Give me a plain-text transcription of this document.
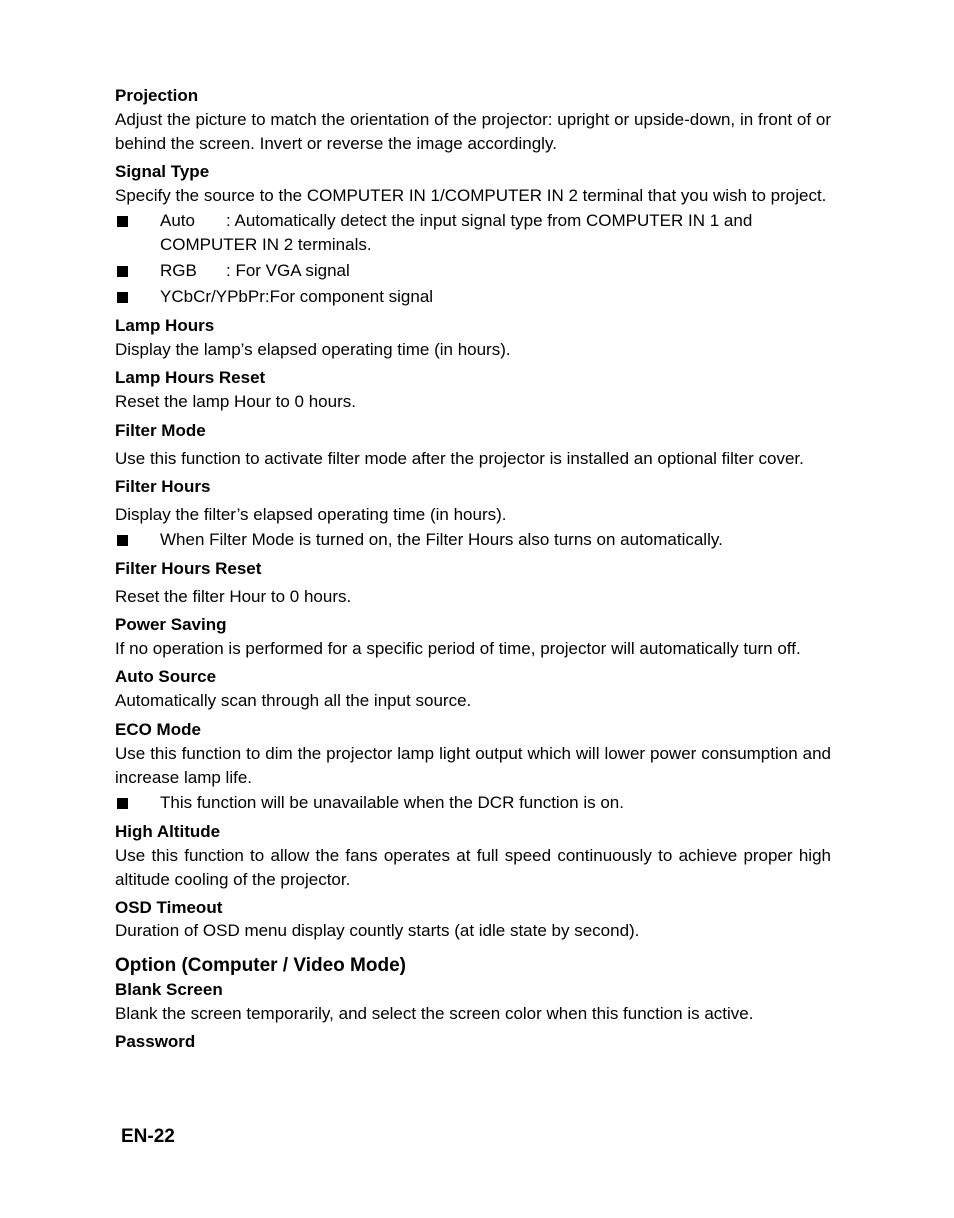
Projection

Adjust the picture to match the orientation of the projector: upright or upside-down, in front of or behind the screen. Invert or reverse the image accordingly.

Signal Type

Specify the source to the COMPUTER IN 1/COMPUTER IN 2 terminal that you wish to project.

Auto : Automatically detect the input signal type from COMPUTER IN 1 and COMPUTER IN 2 terminals.

RGB : For VGA signal

YCbCr/YPbPr:For component signal

Lamp Hours

Display the lamp’s elapsed operating time (in hours).

Lamp Hours Reset

Reset the lamp Hour to 0 hours.

Filter Mode

Use this function to activate filter mode after the projector is installed an optional filter cover.

Filter Hours

Display the filter’s elapsed operating time (in hours).

When Filter Mode is turned on, the Filter Hours also turns on automatically.

Filter Hours Reset

Reset the filter Hour to 0 hours.

Power Saving

If no operation is performed for a specific period of time, projector will automatically turn off.

Auto Source

Automatically scan through all the input source.

ECO Mode

Use this function to dim the projector lamp light output which will lower power consumption and increase lamp life.

This function will be unavailable when the DCR function is on.

High Altitude

Use this function to allow the fans operates at full speed continuously to achieve proper high altitude cooling of the projector.

OSD Timeout

Duration of OSD menu display countly starts (at idle state by second).

Option (Computer / Video Mode)

Blank Screen

Blank the screen temporarily, and select the screen color when this function is active.

Password

EN-22
